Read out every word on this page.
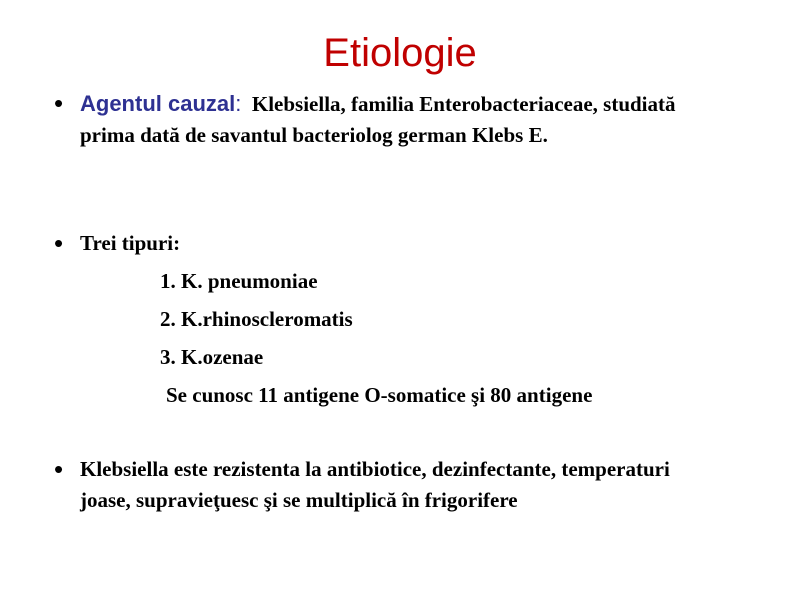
Etiologie
• Agentul cauzal: Klebsiella, familia Enterobacteriaceae, studiată prima dată de savantul bacteriolog german Klebs E.
• Trei tipuri:
1. K. pneumoniae
2. K.rhinoscleromatis
3. K.ozenae
Se cunosc 11 antigene O-somatice şi 80 antigene
• Klebsiella este rezistenta la antibiotice, dezinfectante, temperaturi joase, supravieţuesc şi se multiplică în frigorifere
